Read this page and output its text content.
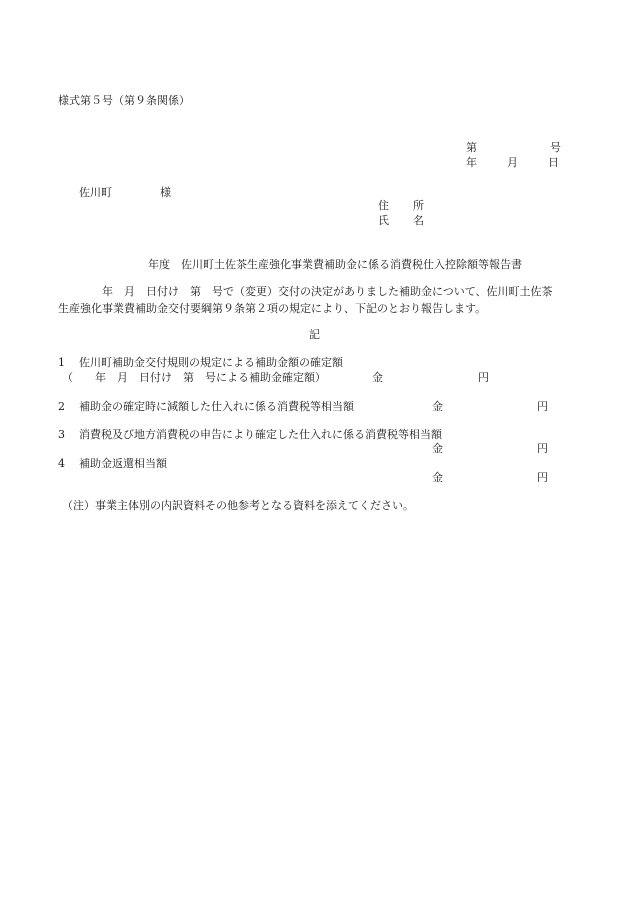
様式第５号（第９条関係）
第	号
年	月	日
佐川町	様
住 所
氏 名
年度　佐川町土佐茶生産強化事業費補助金に係る消費税仕入控除額等報告書
年　月　日付け　第　号で（変更）交付の決定がありました補助金について、佐川町土佐茶
生産強化事業費補助金交付要綱第９条第２項の規定により、下記のとおり報告します。
記
1 佐川町補助金交付規則の規定による補助金額の確定額
（　　年　月　日付け　第　号による補助金確定額）	金	円
2 補助金の確定時に減額した仕入れに係る消費税等相当額	金	円
3 消費税及び地方消費税の申告により確定した仕入れに係る消費税等相当額
金	円
4 補助金返還相当額
金	円
（注）事業主体別の内訳資料その他参考となる資料を添えてください。
